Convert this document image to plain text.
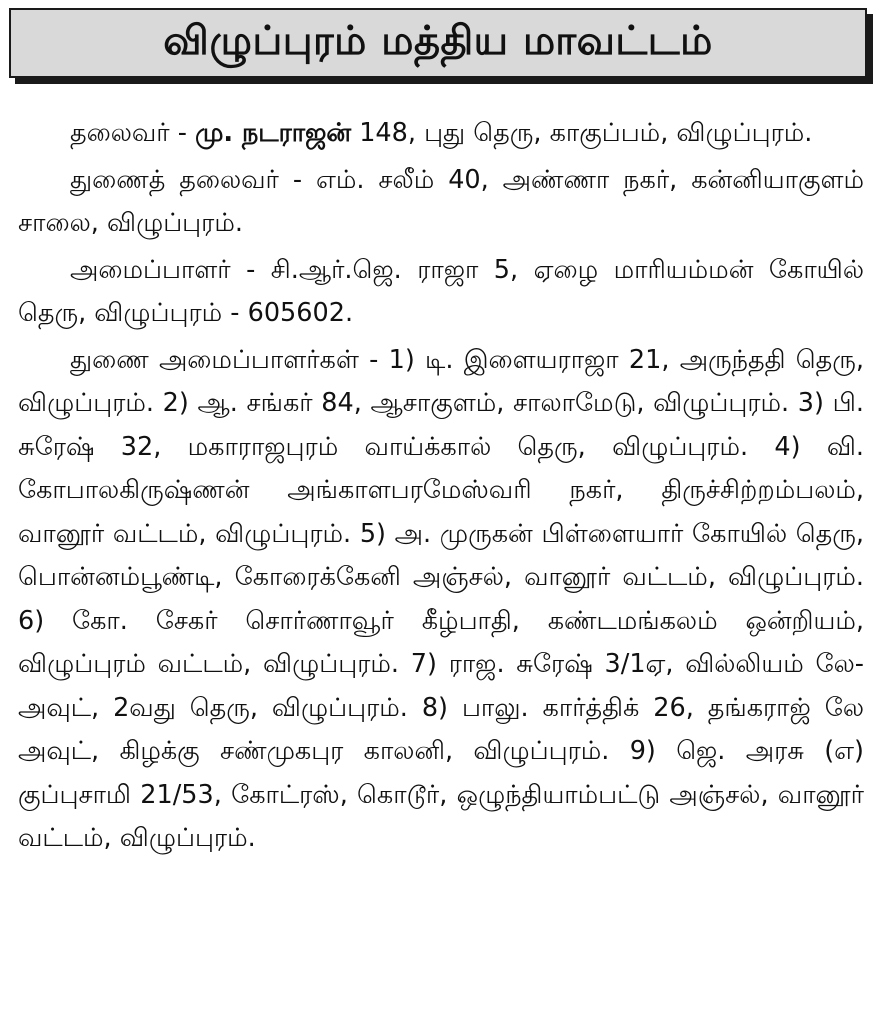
விழுப்புரம் மத்திய மாவட்டம்

தலைவர் - மு. நடராஜன் 148, புது தெரு, காகுப்பம், விழுப்புரம்.

துணைத் தலைவர் - எம். சலீம் 40, அண்ணா நகர், கன்னியாகுளம் சாலை, விழுப்புரம்.

அமைப்பாளர் - சி.ஆர்.ஜெ. ராஜா 5, ஏழை மாரியம்மன் கோயில் தெரு, விழுப்புரம் - 605602.

துணை அமைப்பாளர்கள் - 1) டி. இளையராஜா 21, அருந்ததி தெரு, விழுப்புரம். 2) ஆ. சங்கர் 84, ஆசாகுளம், சாலாமேடு, விழுப்புரம். 3) பி. சுரேஷ் 32, மகாராஜபுரம் வாய்க்கால் தெரு, விழுப்புரம். 4) வி. கோபாலகிருஷ்ணன் அங்காளபரமேஸ்வரி நகர், திருச்சிற்றம்பலம், வானூர் வட்டம், விழுப்புரம். 5) அ. முருகன் பிள்ளையார் கோயில் தெரு, பொன்னம்பூண்டி, கோரைக்கேனி அஞ்சல், வானூர் வட்டம், விழுப்புரம். 6) கோ. சேகர் சொர்ணாவூர் கீழ்பாதி, கண்டமங்கலம் ஒன்றியம், விழுப்புரம் வட்டம், விழுப்புரம். 7) ராஜ. சுரேஷ் 3/1ஏ, வில்லியம் லே-அவுட், 2வது தெரு, விழுப்புரம். 8) பாலு. கார்த்திக் 26, தங்கராஜ் லே அவுட், கிழக்கு சண்முகபுர காலனி, விழுப்புரம். 9) ஜெ. அரசு (எ) குப்புசாமி 21/53, கோட்ரஸ், கொடூர், ஒழுந்தியாம்பட்டு அஞ்சல், வானூர் வட்டம், விழுப்புரம்.
